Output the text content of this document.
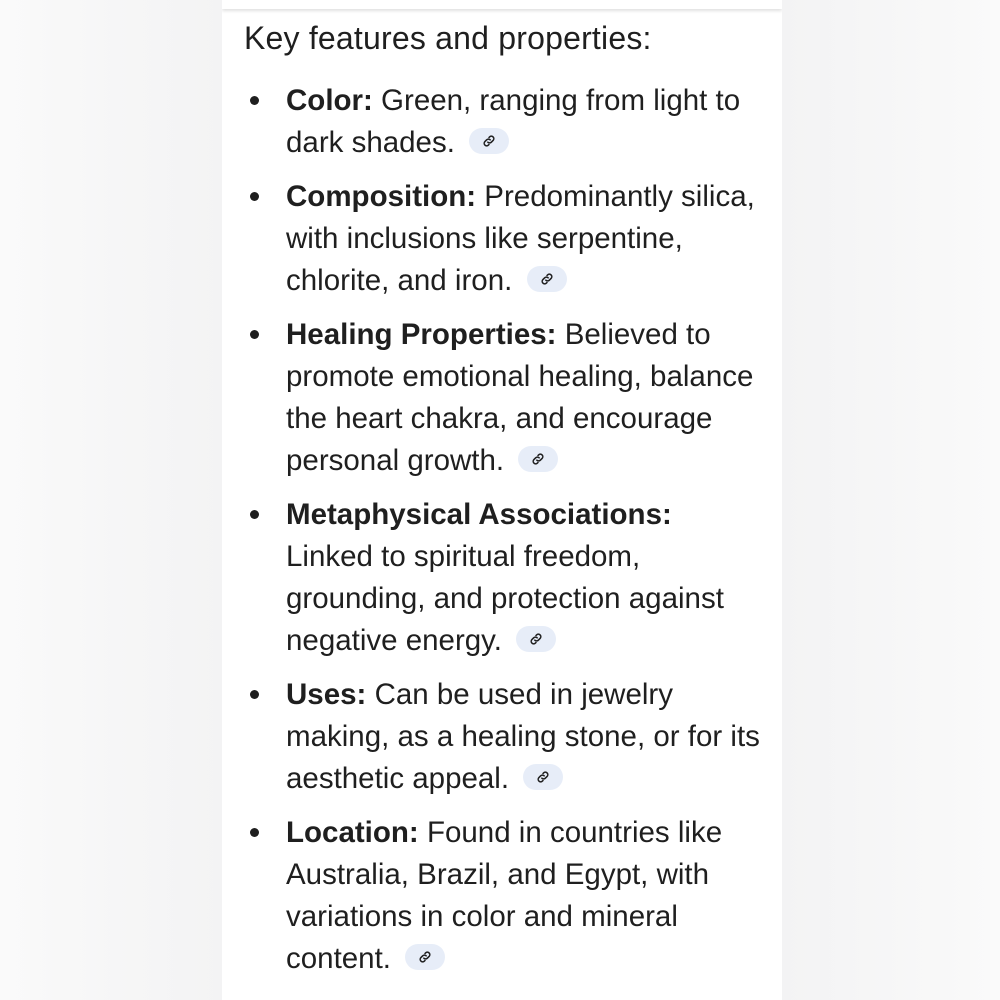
Key features and properties:
Color: Green, ranging from light to dark shades.
Composition: Predominantly silica, with inclusions like serpentine, chlorite, and iron.
Healing Properties: Believed to promote emotional healing, balance the heart chakra, and encourage personal growth.
Metaphysical Associations: Linked to spiritual freedom, grounding, and protection against negative energy.
Uses: Can be used in jewelry making, as a healing stone, or for its aesthetic appeal.
Location: Found in countries like Australia, Brazil, and Egypt, with variations in color and mineral content.
